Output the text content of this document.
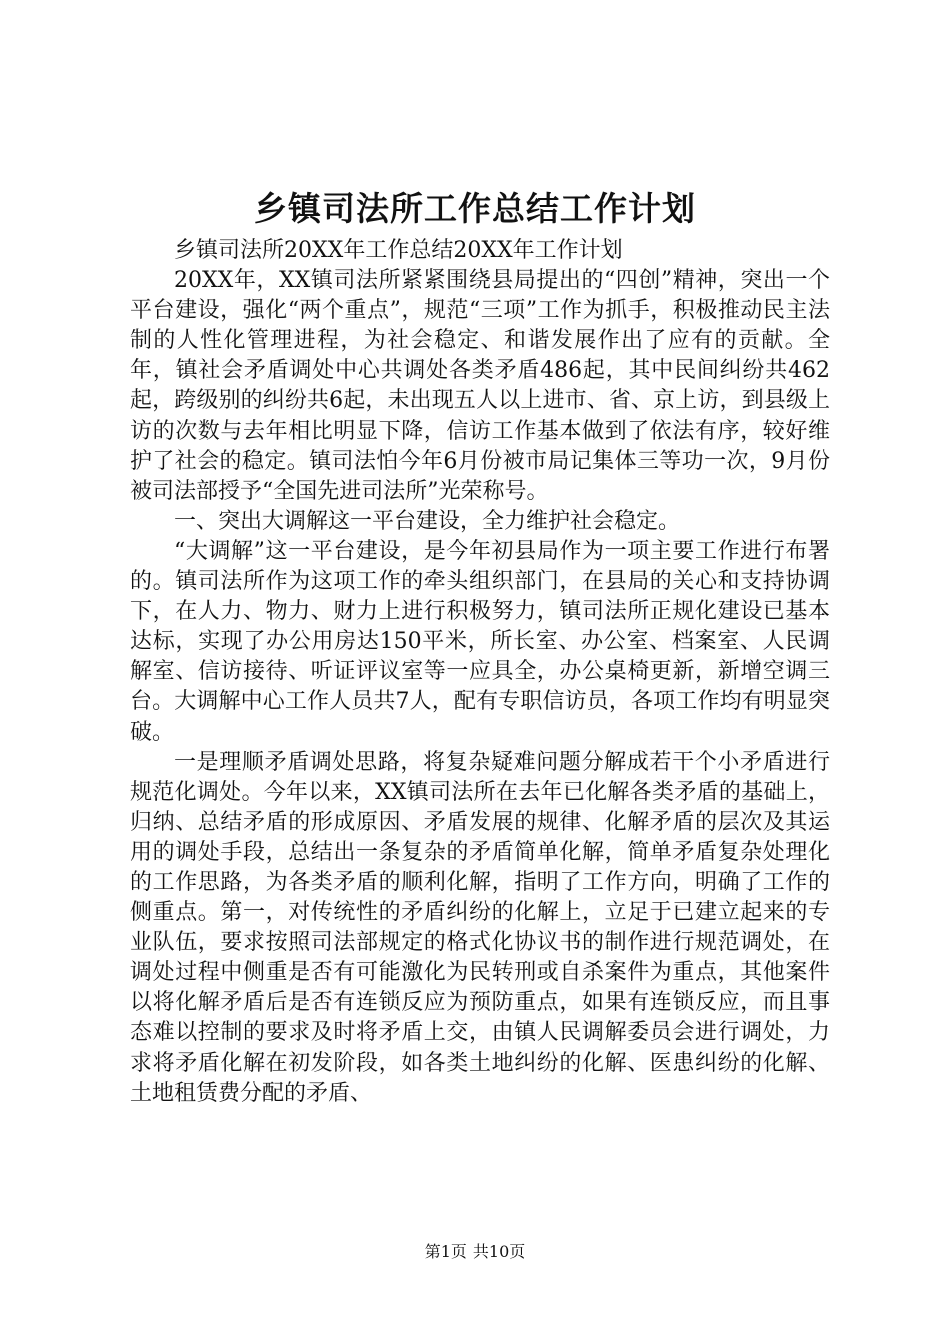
乡镇司法所工作总结工作计划

乡镇司法所20XX年工作总结20XX年工作计划

20XX年，XX镇司法所紧紧围绕县局提出的“四创”精神，突出一个平台建设，强化“两个重点”，规范“三项”工作为抓手，积极推动民主法制的人性化管理进程，为社会稳定、和谐发展作出了应有的贡献。全年，镇社会矛盾调处中心共调处各类矛盾486起，其中民间纠纷共462起，跨级别的纠纷共6起，未出现五人以上进市、省、京上访，到县级上访的次数与去年相比明显下降，信访工作基本做到了依法有序，较好维护了社会的稳定。镇司法怕今年6月份被市局记集体三等功一次，9月份被司法部授予“全国先进司法所”光荣称号。

一、突出大调解这一平台建设，全力维护社会稳定。

“大调解”这一平台建设，是今年初县局作为一项主要工作进行布署的。镇司法所作为这项工作的牵头组织部门，在县局的关心和支持协调下，在人力、物力、财力上进行积极努力，镇司法所正规化建设已基本达标，实现了办公用房达150平米，所长室、办公室、档案室、人民调解室、信访接待、听证评议室等一应具全，办公桌椅更新，新增空调三台。大调解中心工作人员共7人，配有专职信访员，各项工作均有明显突破。

一是理顺矛盾调处思路，将复杂疑难问题分解成若干个小矛盾进行规范化调处。今年以来，XX镇司法所在去年已化解各类矛盾的基础上，归纳、总结矛盾的形成原因、矛盾发展的规律、化解矛盾的层次及其运用的调处手段，总结出一条复杂的矛盾简单化解，简单矛盾复杂处理化的工作思路，为各类矛盾的顺利化解，指明了工作方向，明确了工作的侧重点。第一，对传统性的矛盾纠纷的化解上，立足于已建立起来的专业队伍，要求按照司法部规定的格式化协议书的制作进行规范调处，在调处过程中侧重是否有可能激化为民转刑或自杀案件为重点，其他案件以将化解矛盾后是否有连锁反应为预防重点，如果有连锁反应，而且事态难以控制的要求及时将矛盾上交，由镇人民调解委员会进行调处，力求将矛盾化解在初发阶段，如各类土地纠纷的化解、医患纠纷的化解、土地租赁费分配的矛盾、

第1页 共10页
